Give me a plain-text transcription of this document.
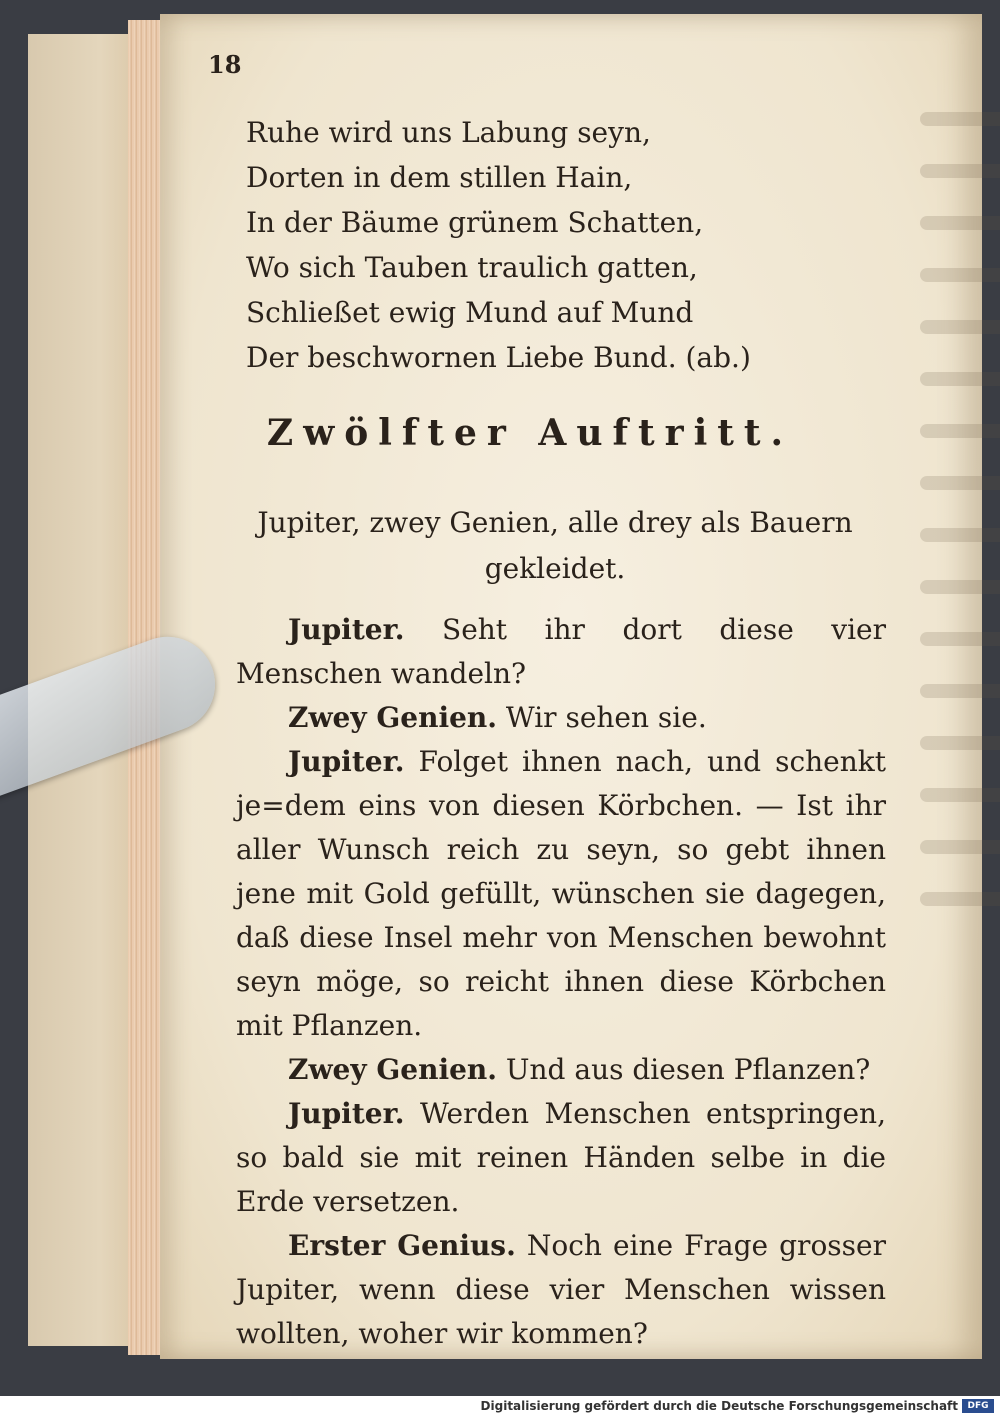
18
Ruhe wird uns Labung seyn,
Dorten in dem stillen Hain,
In der Bäume grünem Schatten,
Wo sich Tauben traulich gatten,
Schließet ewig Mund auf Mund
Der beschwornen Liebe Bund. (ab.)
Zwölfter Auftritt.
Jupiter, zwey Genien, alle drey als Bauern gekleidet.
Jupiter. Seht ihr dort diese vier Menschen wandeln?
Zwey Genien. Wir sehen sie.
Jupiter. Folget ihnen nach, und schenkt je=dem eins von diesen Körbchen. — Ist ihr aller Wunsch reich zu seyn, so gebt ihnen jene mit Gold gefüllt, wünschen sie dagegen, daß diese Insel mehr von Menschen bewohnt seyn möge, so reicht ihnen diese Körbchen mit Pflanzen.
Zwey Genien. Und aus diesen Pflanzen?
Jupiter. Werden Menschen entspringen, so bald sie mit reinen Händen selbe in die Erde versetzen.
Erster Genius. Noch eine Frage grosser Jupiter, wenn diese vier Menschen wissen wollten, woher wir kommen?
Digitalisierung gefördert durch die Deutsche Forschungsgemeinschaft	DFG
